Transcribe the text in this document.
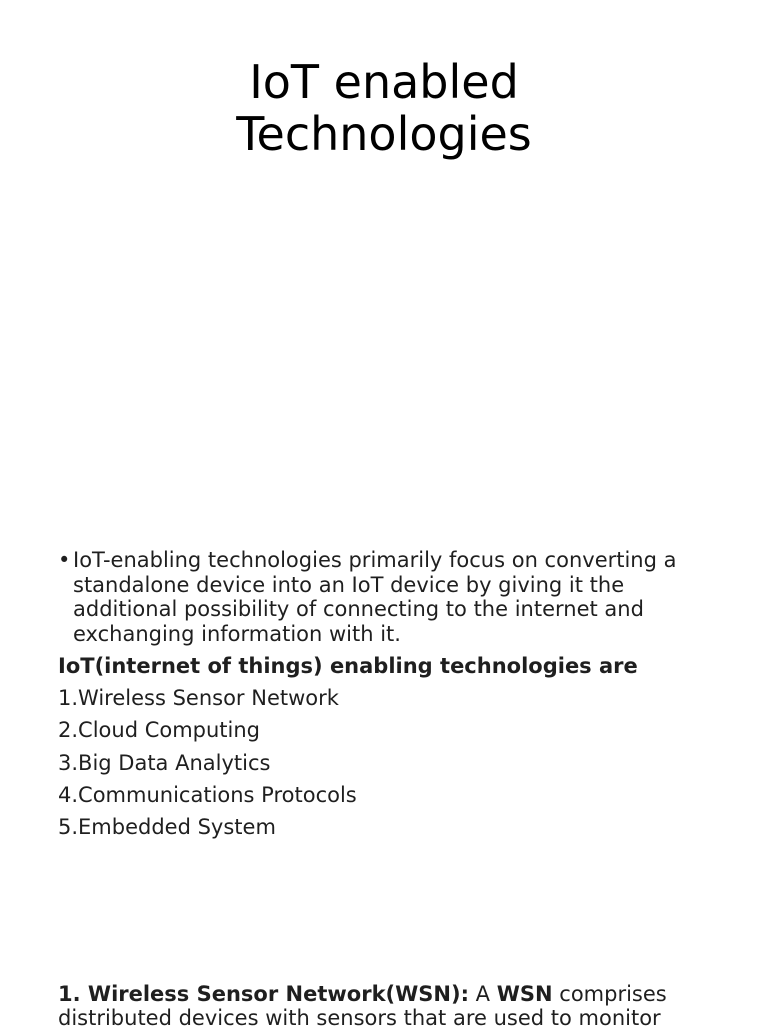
IoT enabled
Technologies
• IoT-enabling technologies primarily focus on converting a standalone device into an IoT device by giving it the additional possibility of connecting to the internet and exchanging information with it.
IoT(internet of things) enabling technologies are
1.Wireless Sensor Network
2.Cloud Computing
3.Big Data Analytics
4.Communications Protocols
5.Embedded System
1. Wireless Sensor Network(WSN): A WSN comprises distributed devices with sensors that are used to monitor
